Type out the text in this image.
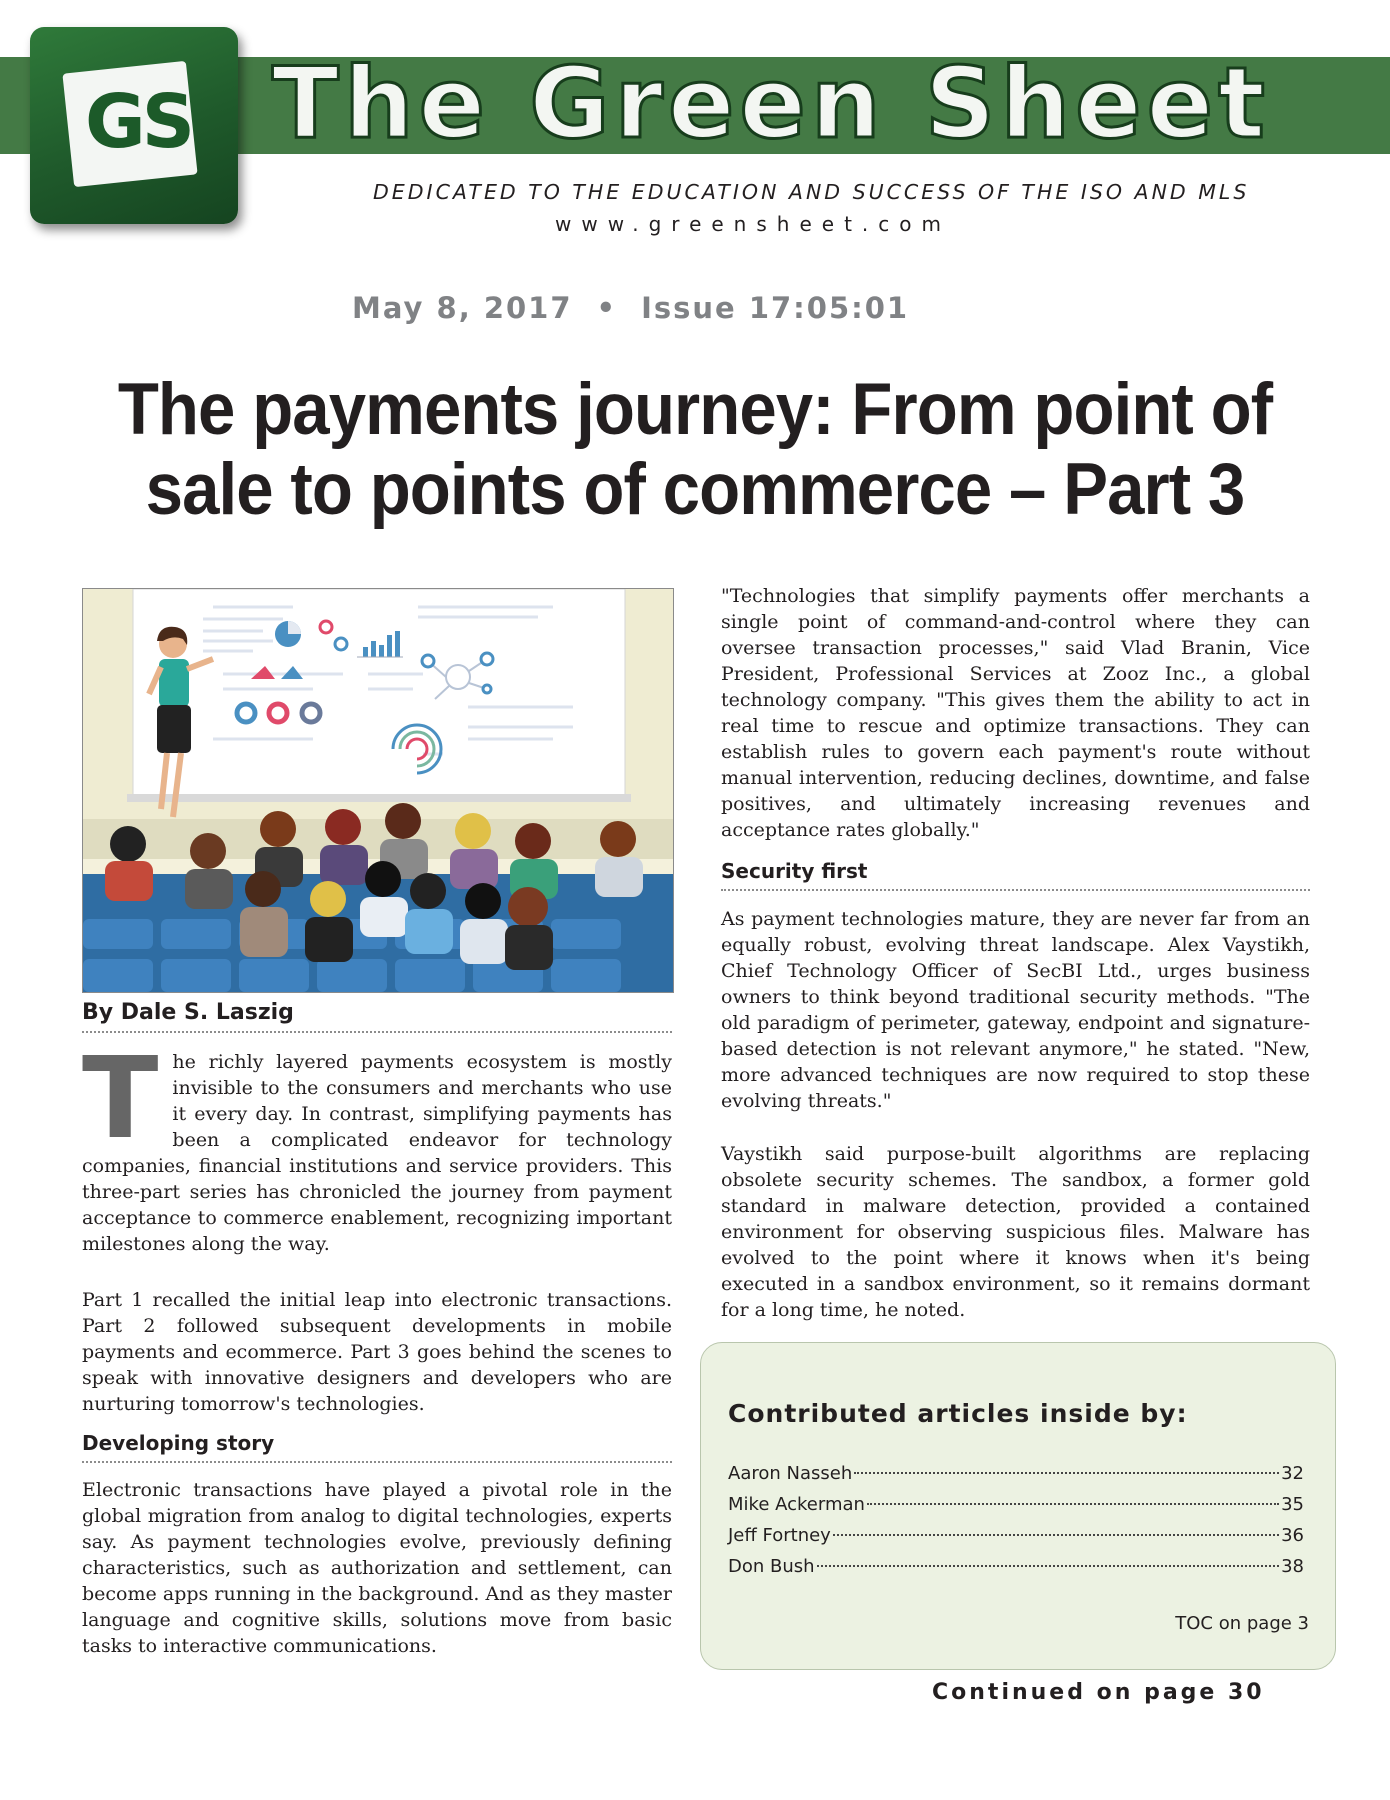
GS The Green Sheet
DEDICATED TO THE EDUCATION AND SUCCESS OF THE ISO AND MLS
www.greensheet.com
May 8, 2017 • Issue 17:05:01
The payments journey: From point of
sale to points of commerce – Part 3
By Dale S. Laszig
The richly layered payments ecosystem is mostly invisible to the consumers and merchants who use it every day. In contrast, simplifying payments has been a complicated endeavor for technology companies, financial institutions and service providers. This three-part series has chronicled the journey from payment acceptance to commerce enablement, recognizing important milestones along the way.
Part 1 recalled the initial leap into electronic transactions. Part 2 followed subsequent developments in mobile payments and ecommerce. Part 3 goes behind the scenes to speak with innovative designers and developers who are nurturing tomorrow's technologies.
Developing story
Electronic transactions have played a pivotal role in the global migration from analog to digital technologies, experts say. As payment technologies evolve, previously defining characteristics, such as authorization and settlement, can become apps running in the background. And as they master language and cognitive skills, solutions move from basic tasks to interactive communications.
"Technologies that simplify payments offer merchants a single point of command-and-control where they can oversee transaction processes," said Vlad Branin, Vice President, Professional Services at Zooz Inc., a global technology company. "This gives them the ability to act in real time to rescue and optimize transactions. They can establish rules to govern each payment's route without manual intervention, reducing declines, downtime, and false positives, and ultimately increasing revenues and acceptance rates globally."
Security first
As payment technologies mature, they are never far from an equally robust, evolving threat landscape. Alex Vaystikh, Chief Technology Officer of SecBI Ltd., urges business owners to think beyond traditional security methods. "The old paradigm of perimeter, gateway, endpoint and signature-based detection is not relevant anymore," he stated. "New, more advanced techniques are now required to stop these evolving threats."
Vaystikh said purpose-built algorithms are replacing obsolete security schemes. The sandbox, a former gold standard in malware detection, provided a contained environment for observing suspicious files. Malware has evolved to the point where it knows when it's being executed in a sandbox environment, so it remains dormant for a long time, he noted.
Contributed articles inside by:
Aaron Nasseh	32
Mike Ackerman	35
Jeff Fortney	36
Don Bush	38
TOC on page 3
Continued on page 30
